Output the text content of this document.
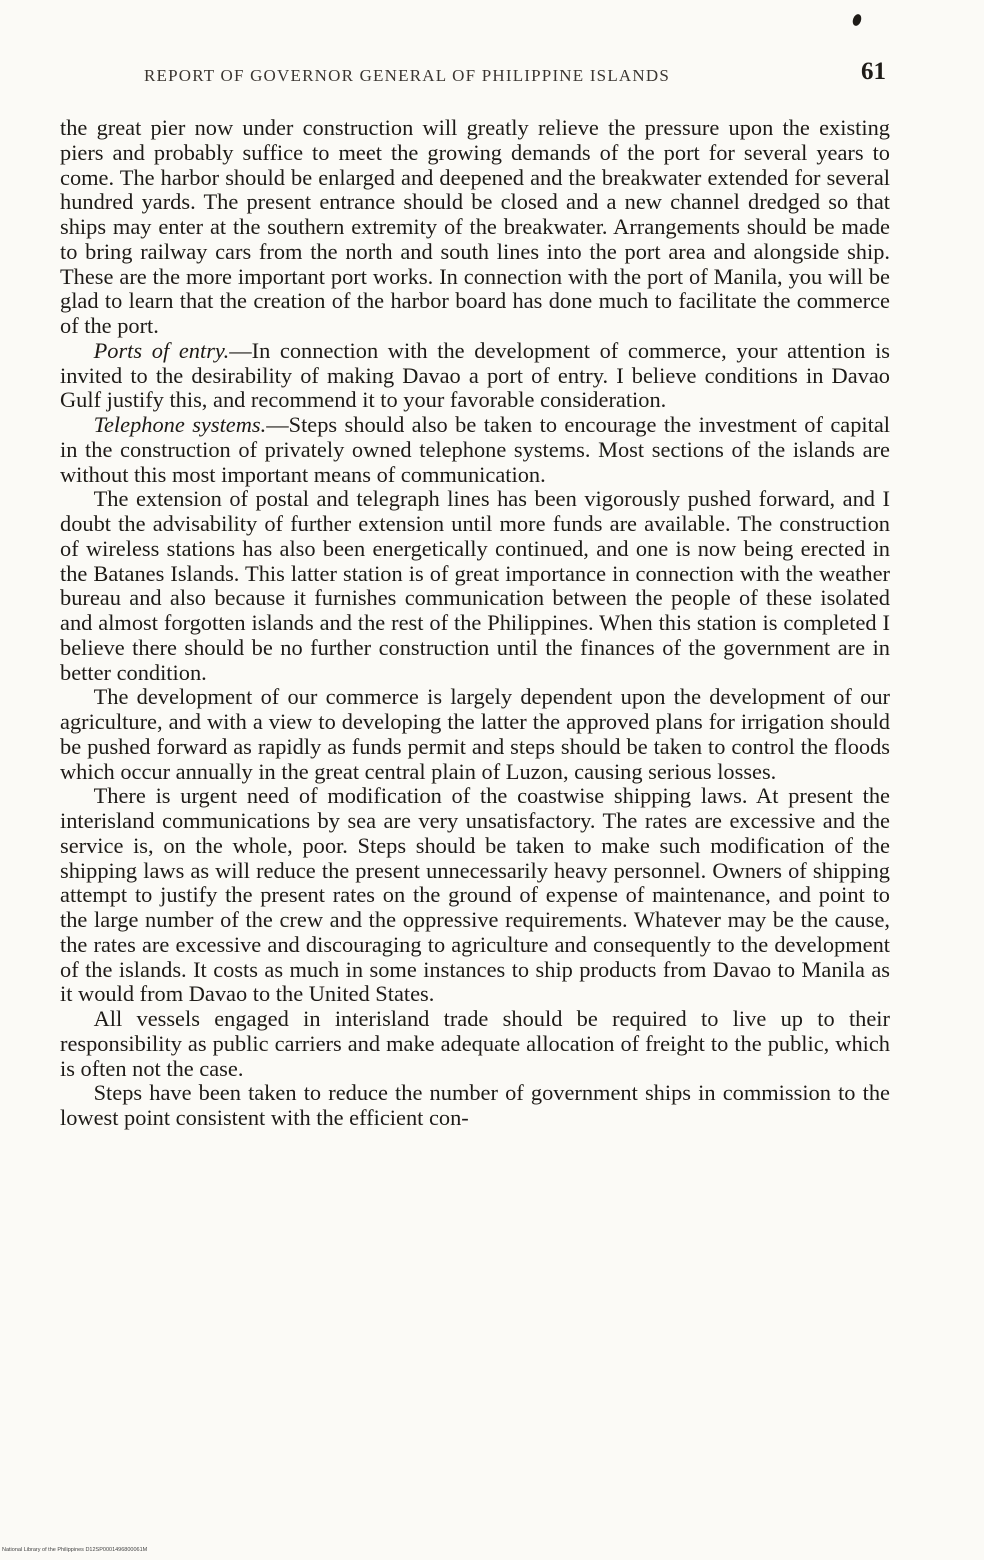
REPORT OF GOVERNOR GENERAL OF PHILIPPINE ISLANDS	61

the great pier now under construction will greatly relieve the pressure upon the existing piers and probably suffice to meet the growing demands of the port for several years to come. The harbor should be enlarged and deepened and the breakwater extended for several hundred yards. The present entrance should be closed and a new channel dredged so that ships may enter at the southern extremity of the breakwater. Arrangements should be made to bring railway cars from the north and south lines into the port area and alongside ship. These are the more important port works. In connection with the port of Manila, you will be glad to learn that the creation of the harbor board has done much to facilitate the commerce of the port.

Ports of entry.—In connection with the development of commerce, your attention is invited to the desirability of making Davao a port of entry. I believe conditions in Davao Gulf justify this, and recommend it to your favorable consideration.

Telephone systems.—Steps should also be taken to encourage the investment of capital in the construction of privately owned telephone systems. Most sections of the islands are without this most important means of communication.

The extension of postal and telegraph lines has been vigorously pushed forward, and I doubt the advisability of further extension until more funds are available. The construction of wireless stations has also been energetically continued, and one is now being erected in the Batanes Islands. This latter station is of great importance in connection with the weather bureau and also because it furnishes communication between the people of these isolated and almost forgotten islands and the rest of the Philippines. When this station is completed I believe there should be no further construction until the finances of the government are in better condition.

The development of our commerce is largely dependent upon the development of our agriculture, and with a view to developing the latter the approved plans for irrigation should be pushed forward as rapidly as funds permit and steps should be taken to control the floods which occur annually in the great central plain of Luzon, causing serious losses.

There is urgent need of modification of the coastwise shipping laws. At present the interisland communications by sea are very unsatisfactory. The rates are excessive and the service is, on the whole, poor. Steps should be taken to make such modification of the shipping laws as will reduce the present unnecessarily heavy personnel. Owners of shipping attempt to justify the present rates on the ground of expense of maintenance, and point to the large number of the crew and the oppressive requirements. Whatever may be the cause, the rates are excessive and discouraging to agriculture and consequently to the development of the islands. It costs as much in some instances to ship products from Davao to Manila as it would from Davao to the United States.

All vessels engaged in interisland trade should be required to live up to their responsibility as public carriers and make adequate allocation of freight to the public, which is often not the case.

Steps have been taken to reduce the number of government ships in commission to the lowest point consistent with the efficient con-

National Library of the Philippines D12SP0001496800061M
